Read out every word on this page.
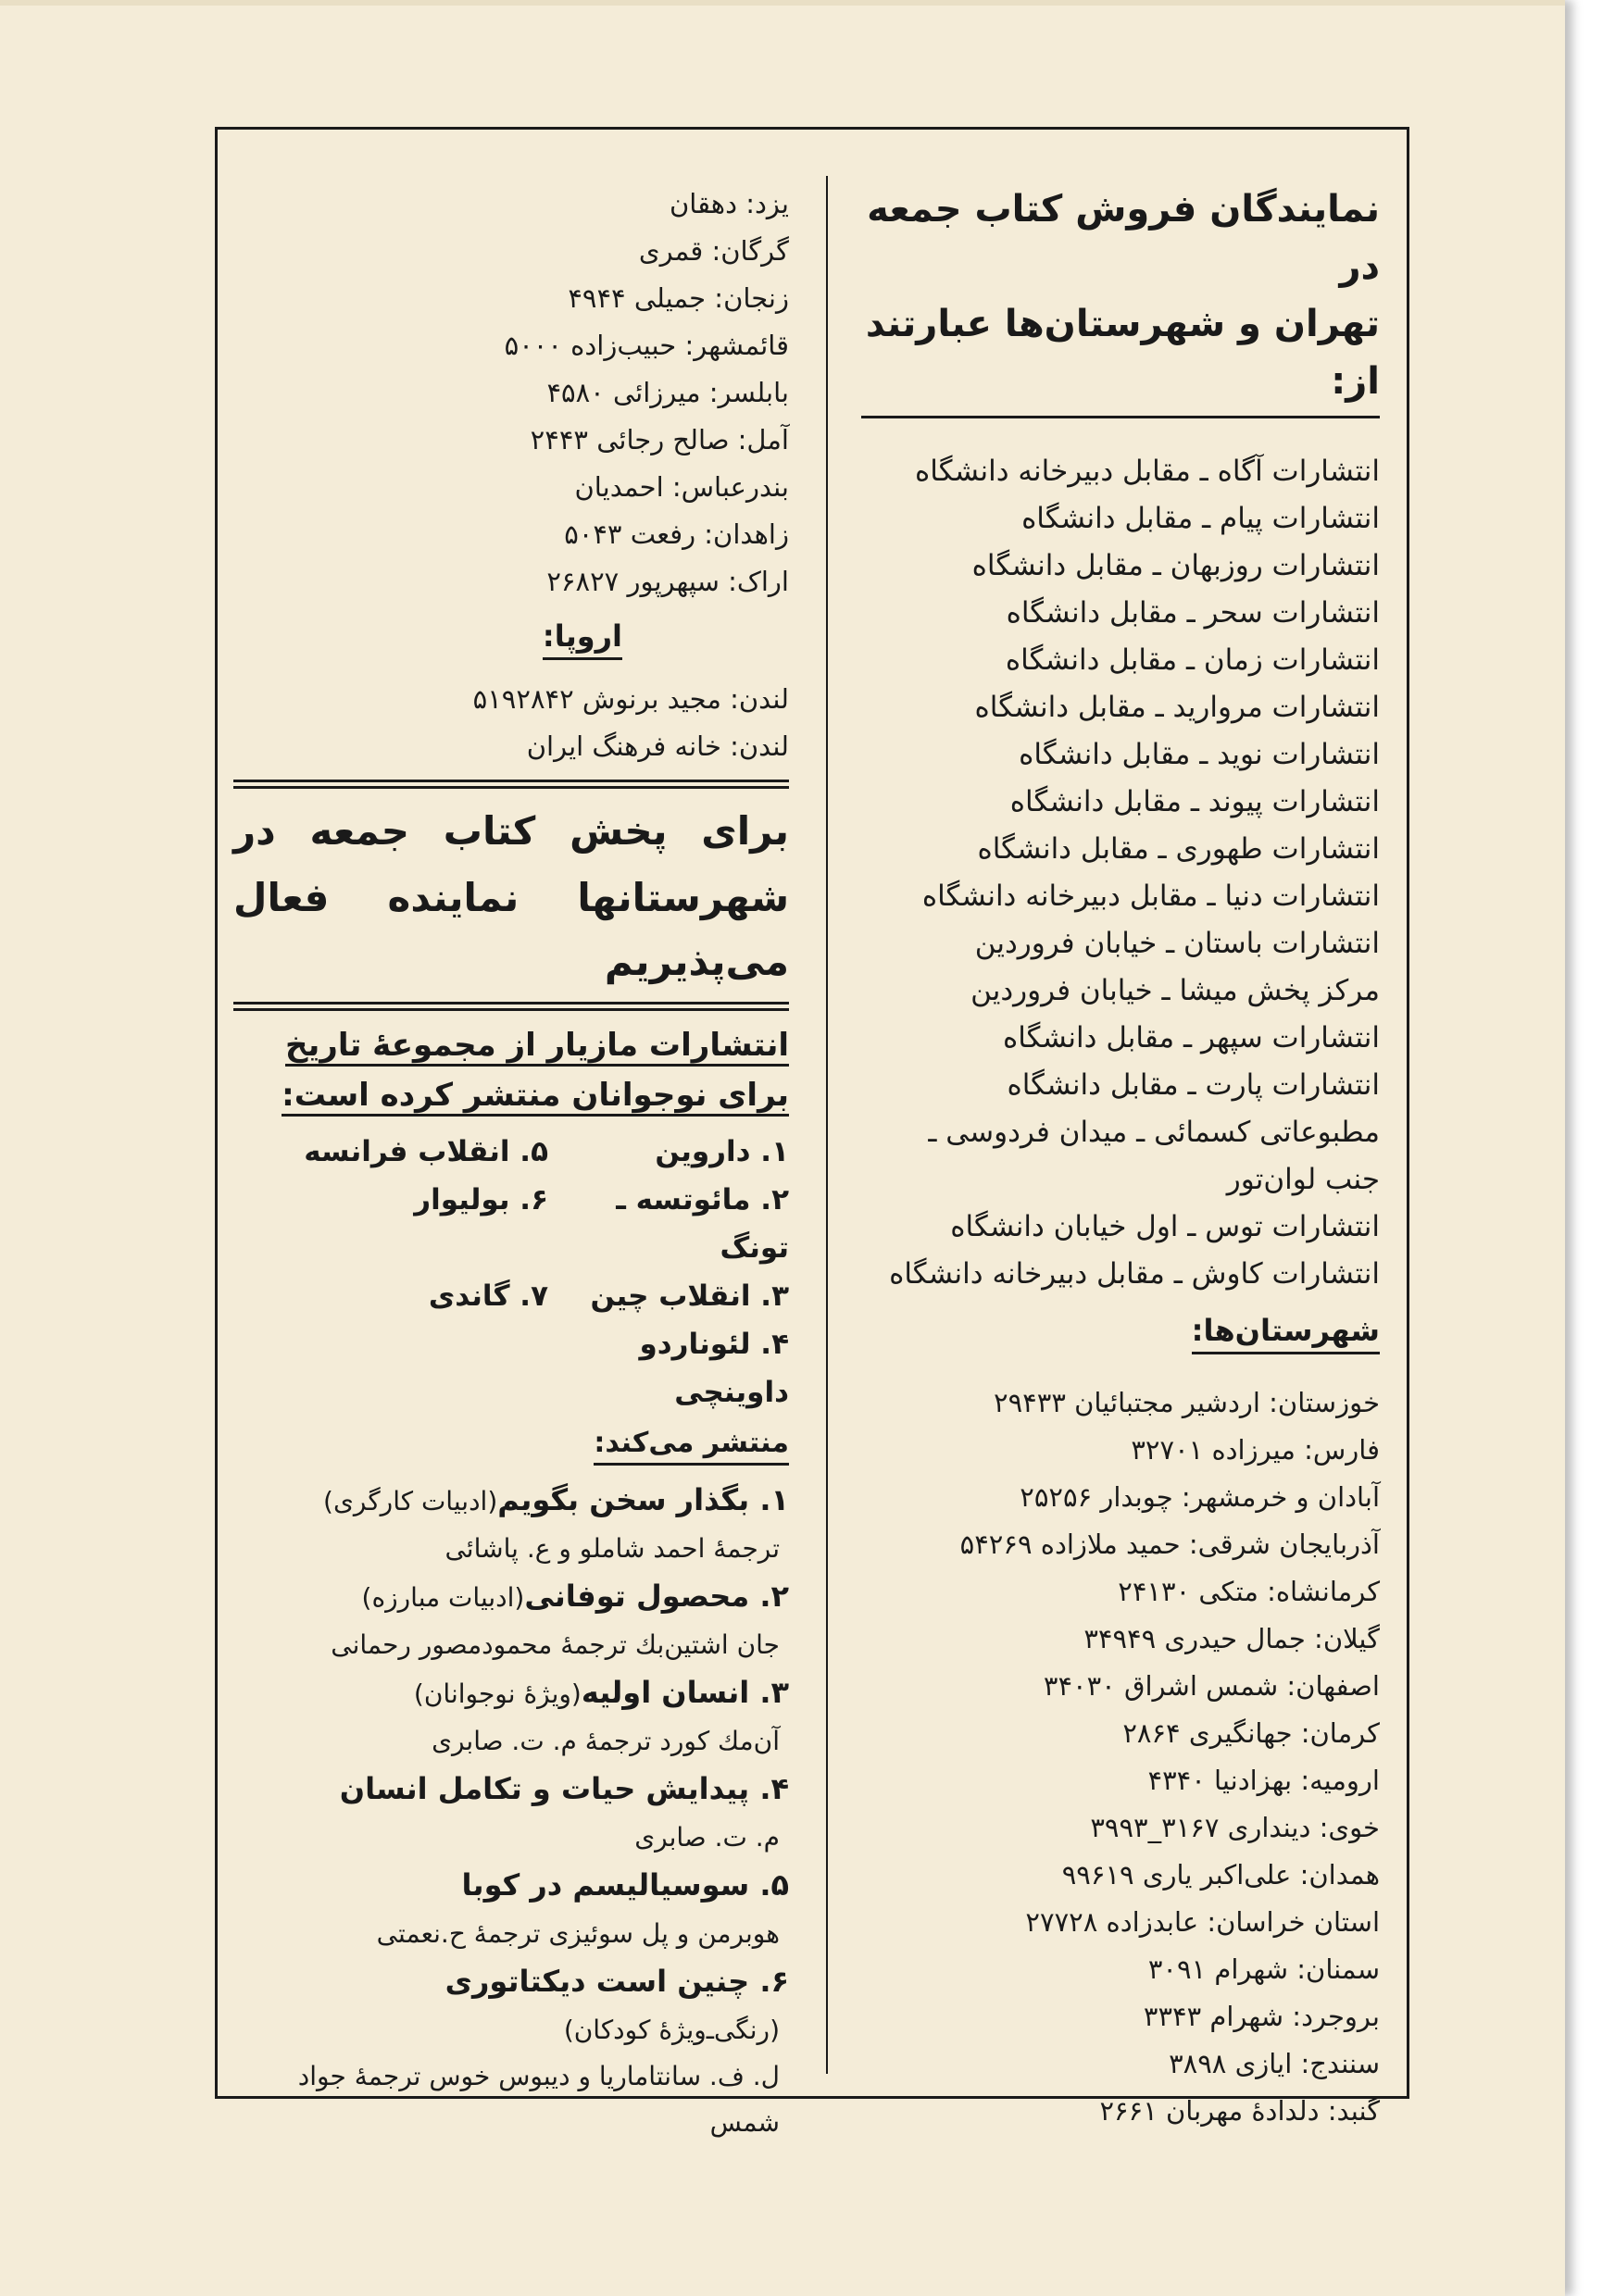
نمایندگان فروش کتاب جمعه در
تهران و شهرستان‌ها عبارتند از:
انتشارات آگاه ـ مقابل دبیرخانه دانشگاه
انتشارات پیام ـ مقابل دانشگاه
انتشارات روزبهان ـ مقابل دانشگاه
انتشارات سحر ـ مقابل دانشگاه
انتشارات زمان ـ مقابل دانشگاه
انتشارات مروارید ـ مقابل دانشگاه
انتشارات نوید ـ مقابل دانشگاه
انتشارات پیوند ـ مقابل دانشگاه
انتشارات طهوری ـ مقابل دانشگاه
انتشارات دنیا ـ مقابل دبیرخانه دانشگاه
انتشارات باستان ـ خیابان فروردین
مرکز پخش میشا ـ خیابان فروردین
انتشارات سپهر ـ مقابل دانشگاه
انتشارات پارت ـ مقابل دانشگاه
مطبوعاتی کسمائی ـ میدان فردوسی ـ
جنب لوان‌تور
انتشارات توس ـ اول خیابان دانشگاه
انتشارات کاوش ـ مقابل دبیرخانه دانشگاه
شهرستان‌ها:
خوزستان: اردشیر مجتبائیان ۲۹۴۳۳
فارس: میرزاده ۳۲۷۰۱
آبادان و خرمشهر: چوبدار ۲۵۲۵۶
آذربایجان شرقی: حمید ملازاده ۵۴۲۶۹
کرمانشاه: متکی ۲۴۱۳۰
گیلان: جمال حیدری ۳۴۹۴۹
اصفهان: شمس اشراق ۳۴۰۳۰
کرمان: جهانگیری ۲۸۶۴
ارومیه: بهزادنیا ۴۳۴۰
خوی: دینداری ۳۱۶۷_۳۹۹۳
همدان: علی‌اکبر یاری ۹۹۶۱۹
استان خراسان: عابدزاده ۲۷۷۲۸
سمنان: شهرام ۳۰۹۱
بروجرد: شهرام ۳۳۴۳
سنندج: ایازی ۳۸۹۸
گنبد: دلدادهٔ مهربان ۲۶۶۱
یزد: دهقان
گرگان: قمری
زنجان: جمیلی ۴۹۴۴
قائمشهر: حبیب‌زاده ۵۰۰۰
بابلسر: میرزائی ۴۵۸۰
آمل: صالح رجائی ۲۴۴۳
بندرعباس: احمدیان
زاهدان: رفعت ۵۰۴۳
اراک: سپهرپور ۲۶۸۲۷
اروپا:
لندن: مجید برنوش ۵۱۹۲۸۴۲
لندن: خانه فرهنگ ایران
برای پخش کتاب جمعه در
شهرستانها نماینده فعال
می‌پذیریم
انتشارات مازیار از مجموعهٔ تاریخ
برای نوجوانان منتشر کرده است:
۱. داروین
۵. انقلاب فرانسه
۲. مائوتسه ـ تونگ
۶. بولیوار
۳. انقلاب چین
۷. گاندی
۴. لئوناردو داوینچی
منتشر می‌کند:
۱. بگذار سخن بگویم(ادبیات کارگری)
ترجمهٔ احمد شاملو و ع. پاشائی
۲. محصول توفانی(ادبیات مبارزه)
جان اشتین‌بك ترجمهٔ محمودمصور رحمانی
۳. انسان اولیه(ویژهٔ نوجوانان)
آن‌مك کورد ترجمهٔ م. ت. صابری
۴. پیدایش حیات و تکامل انسان
م. ت. صابری
۵. سوسیالیسم در کوبا
هوبرمن و پل سوئیزی ترجمهٔ ح.نعمتی
۶. چنین است دیکتاتوری
(رنگی‌ـ‌ویژهٔ کودکان)
ل. ف. سانتاماریا و دیبوس خوس ترجمهٔ جواد
شمس
